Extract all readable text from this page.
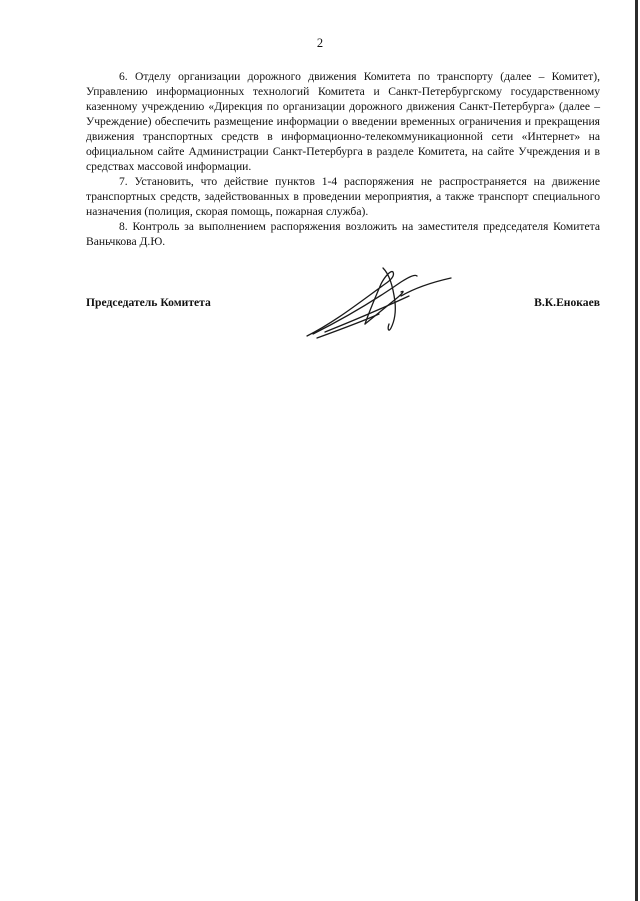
2

6. Отделу организации дорожного движения Комитета по транспорту (далее – Комитет), Управлению информационных технологий Комитета и Санкт-Петербургскому государственному казенному учреждению «Дирекция по организации дорожного движения Санкт-Петербурга» (далее – Учреждение) обеспечить размещение информации о введении временных ограничения и прекращения движения транспортных средств в информационно-телекоммуникационной сети «Интернет» на официальном сайте Администрации Санкт-Петербурга в разделе Комитета, на сайте Учреждения и в средствах массовой информации.

7. Установить, что действие пунктов 1-4 распоряжения не распространяется на движение транспортных средств, задействованных в проведении мероприятия, а также транспорт специального назначения (полиция, скорая помощь, пожарная служба).

8. Контроль за выполнением распоряжения возложить на заместителя председателя Комитета Ваньчкова Д.Ю.

Председатель Комитета	В.К.Енокаев
